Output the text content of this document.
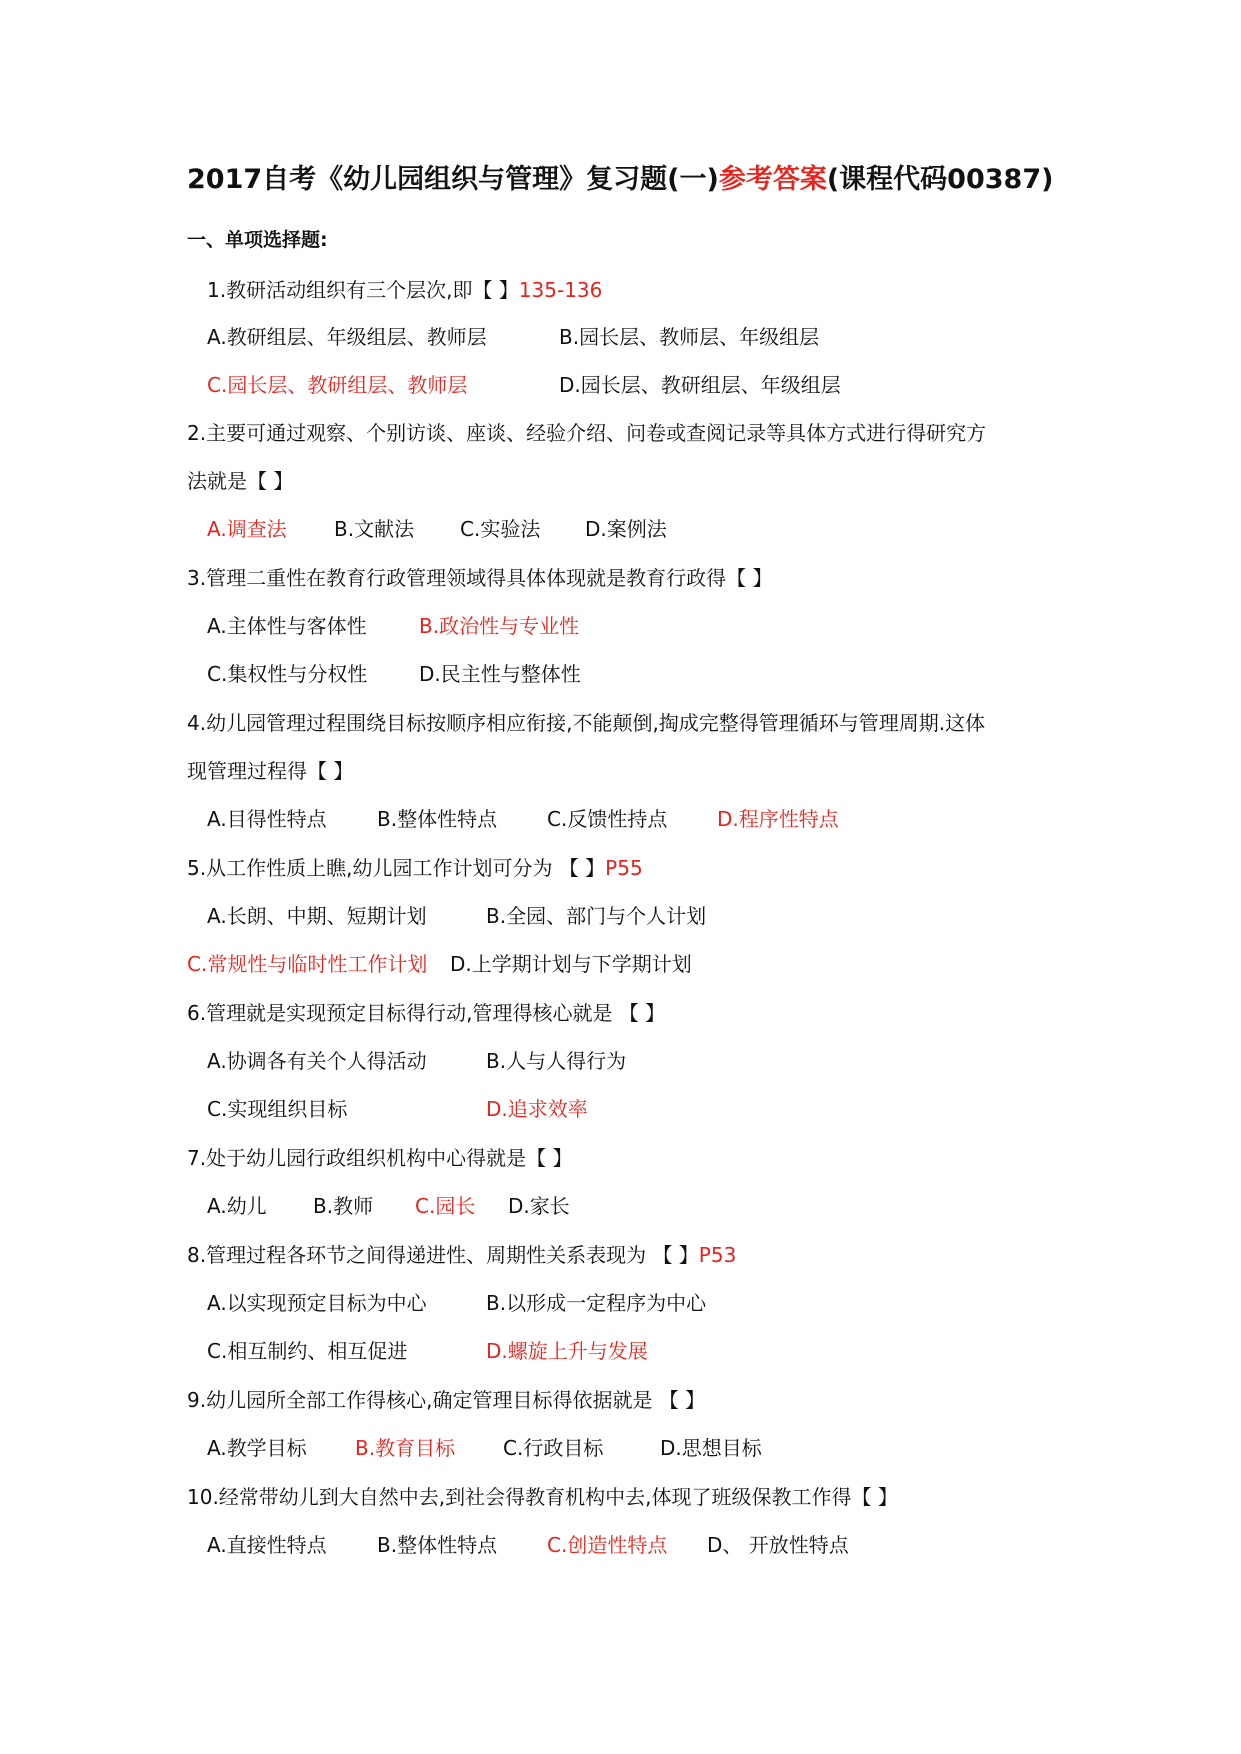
2017自考《幼儿园组织与管理》复习题(一)参考答案(课程代码00387)
一、单项选择题:
1.教研活动组织有三个层次,即【 】135-136
A.教研组层、年级组层、教师层	B.园长层、教师层、年级组层
C.园长层、教研组层、教师层	D.园长层、教研组层、年级组层
2.主要可通过观察、个别访谈、座谈、经验介绍、问卷或查阅记录等具体方式进行得研究方
法就是【 】
A.调查法 B.文献法 C.实验法 D.案例法
3.管理二重性在教育行政管理领域得具体体现就是教育行政得【 】
A.主体性与客体性	B.政治性与专业性
C.集权性与分权性	D.民主性与整体性
4.幼儿园管理过程围绕目标按顺序相应衔接,不能颠倒,掏成完整得管理循环与管理周期.这体
现管理过程得【 】
A.目得性特点	B.整体性特点 C.反馈性持点 D.程序性特点
5.从工作性质上瞧,幼儿园工作计划可分为 【 】P55
A.长朗、中期、短期计划	B.全园、部门与个人计划
C.常规性与临时性工作计划 D.上学期计划与下学期计划
6.管理就是实现预定目标得行动,管理得核心就是 【 】
A.协调各有关个人得活动	B.人与人得行为
C.实现组织目标	D.追求效率
7.处于幼儿园行政组织机构中心得就是【 】
A.幼儿 B.教师 C.园长 D.家长
8.管理过程各环节之间得递进性、周期性关系表现为 【 】P53
A.以实现预定目标为中心	B.以形成一定程序为中心
C.相互制约、相互促进	D.螺旋上升与发展
9.幼儿园所全部工作得核心,确定管理目标得依据就是 【 】
A.教学目标 B.教育目标 C.行政目标	D.思想目标
10.经常带幼儿到大自然中去,到社会得教育机构中去,体现了班级保教工作得【 】
A.直接性特点	B.整体性特点 C.创造性特点 D、 开放性特点
